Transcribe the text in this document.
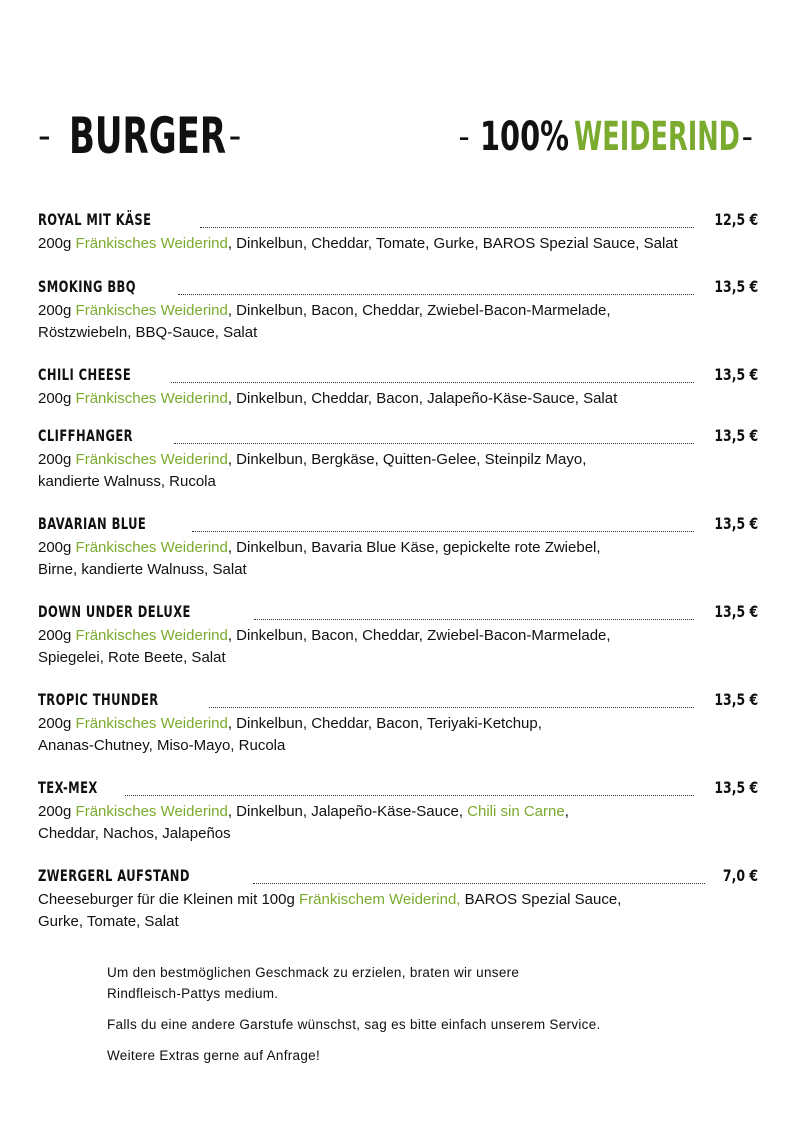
- BURGER -	- 100% WEIDERIND -
ROYAL MIT KÄSE	12,5 €
200g Fränkisches Weiderind, Dinkelbun, Cheddar, Tomate, Gurke, BAROS Spezial Sauce, Salat
SMOKING BBQ	13,5 €
200g Fränkisches Weiderind, Dinkelbun, Bacon, Cheddar, Zwiebel-Bacon-Marmelade,
Röstzwiebeln, BBQ-Sauce, Salat
CHILI CHEESE	13,5 €
200g Fränkisches Weiderind, Dinkelbun, Cheddar, Bacon, Jalapeño-Käse-Sauce, Salat
CLIFFHANGER	13,5 €
200g Fränkisches Weiderind, Dinkelbun, Bergkäse, Quitten-Gelee, Steinpilz Mayo,
kandierte Walnuss, Rucola
BAVARIAN BLUE	13,5 €
200g Fränkisches Weiderind, Dinkelbun, Bavaria Blue Käse, gepickelte rote Zwiebel,
Birne, kandierte Walnuss, Salat
DOWN UNDER DELUXE	13,5 €
200g Fränkisches Weiderind, Dinkelbun, Bacon, Cheddar, Zwiebel-Bacon-Marmelade,
Spiegelei, Rote Beete, Salat
TROPIC THUNDER	13,5 €
200g Fränkisches Weiderind, Dinkelbun, Cheddar, Bacon, Teriyaki-Ketchup,
Ananas-Chutney, Miso-Mayo, Rucola
TEX-MEX	13,5 €
200g Fränkisches Weiderind, Dinkelbun, Jalapeño-Käse-Sauce, Chili sin Carne,
Cheddar, Nachos, Jalapeños
ZWERGERL AUFSTAND	7,0 €
Cheeseburger für die Kleinen mit 100g Fränkischem Weiderind, BAROS Spezial Sauce,
Gurke, Tomate, Salat

Um den bestmöglichen Geschmack zu erzielen, braten wir unsere
Rindfleisch-Pattys medium.

Falls du eine andere Garstufe wünschst, sag es bitte einfach unserem Service.

Weitere Extras gerne auf Anfrage!
